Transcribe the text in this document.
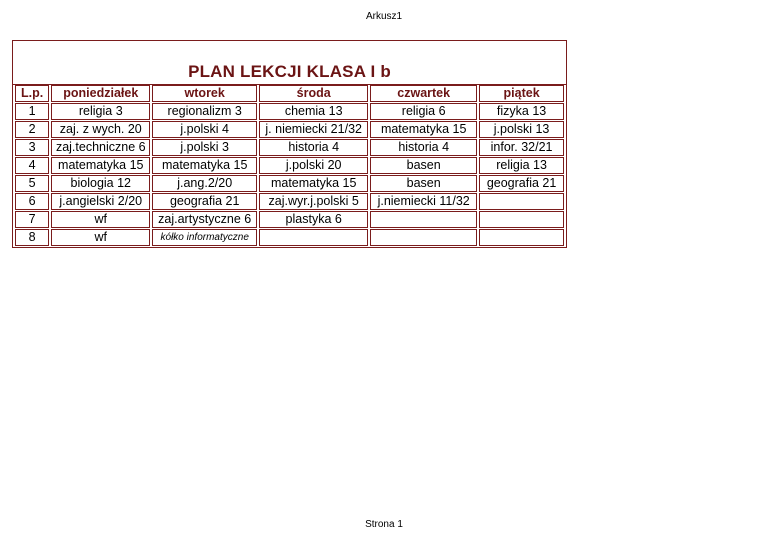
Arkusz1
PLAN LEKCJI KLASA I b
L.p.	poniedziałek	wtorek	środa	czwartek	piątek
1	religia 3	regionalizm 3	chemia 13	religia 6	fizyka 13
2	zaj. z wych. 20	j.polski 4	j. niemiecki 21/32	matematyka 15	j.polski 13
3	zaj.techniczne 6	j.polski 3	historia 4	historia 4	infor. 32/21
4	matematyka 15	matematyka 15	j.polski 20	basen	religia 13
5	biologia 12	j.ang.2/20	matematyka 15	basen	geografia 21
6	j.angielski 2/20	geografia 21	zaj.wyr.j.polski 5	j.niemiecki 11/32	
7	wf	zaj.artystyczne 6	plastyka 6		
8	wf	kółko informatyczne			
Strona 1
